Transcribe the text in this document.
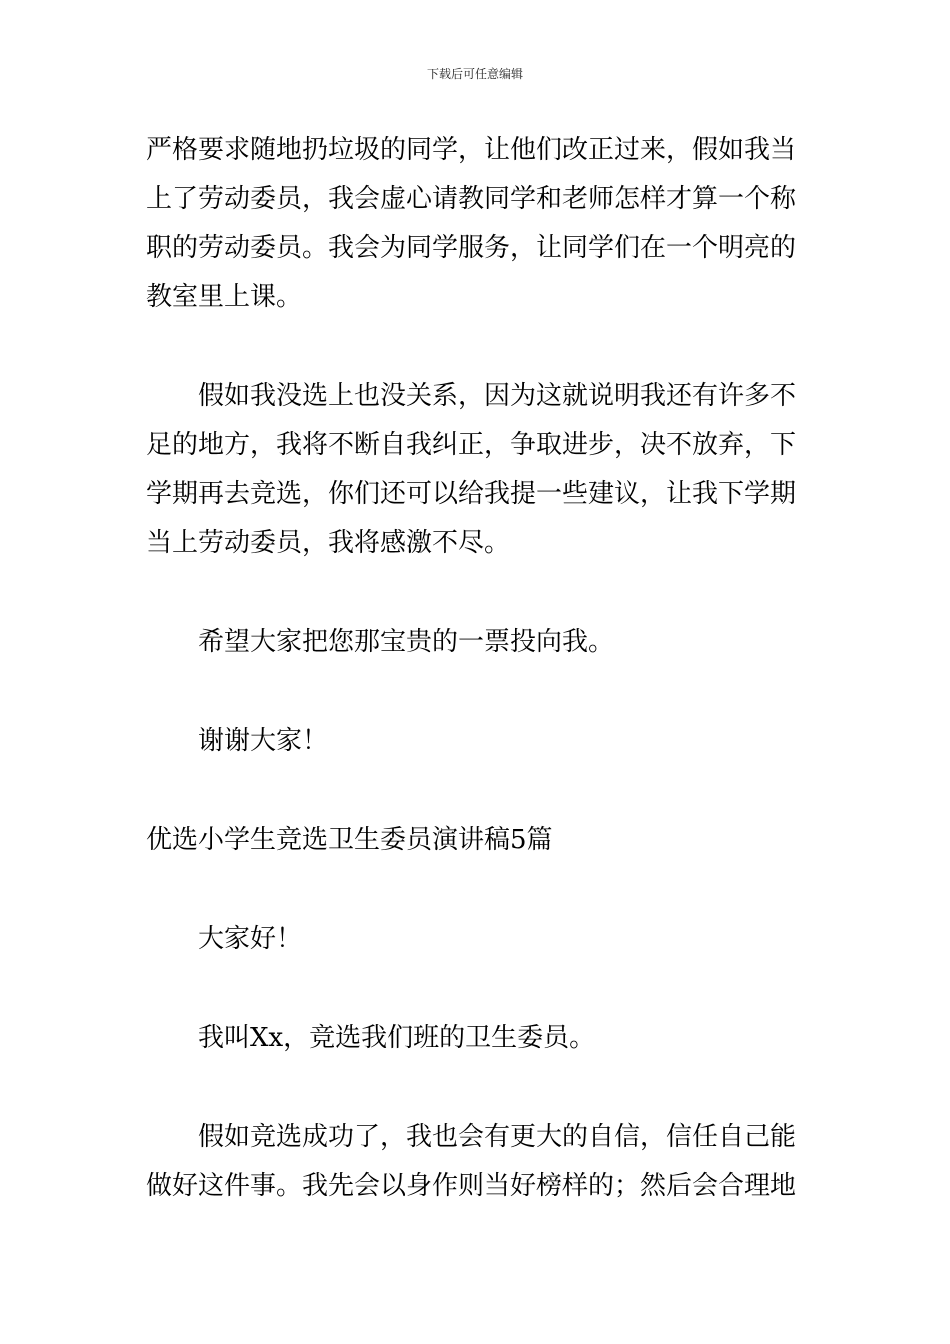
下载后可任意编辑
严格要求随地扔垃圾的同学，让他们改正过来，假如我当
上了劳动委员，我会虚心请教同学和老师怎样才算一个称
职的劳动委员。我会为同学服务，让同学们在一个明亮的
教室里上课。
假如我没选上也没关系，因为这就说明我还有许多不
足的地方，我将不断自我纠正，争取进步，决不放弃，下
学期再去竞选，你们还可以给我提一些建议，让我下学期
当上劳动委员，我将感激不尽。
希望大家把您那宝贵的一票投向我。
谢谢大家！
优选小学生竞选卫生委员演讲稿5篇
大家好！
我叫Xx，竞选我们班的卫生委员。
假如竞选成功了，我也会有更大的自信，信任自己能
做好这件事。我先会以身作则当好榜样的；然后会合理地
